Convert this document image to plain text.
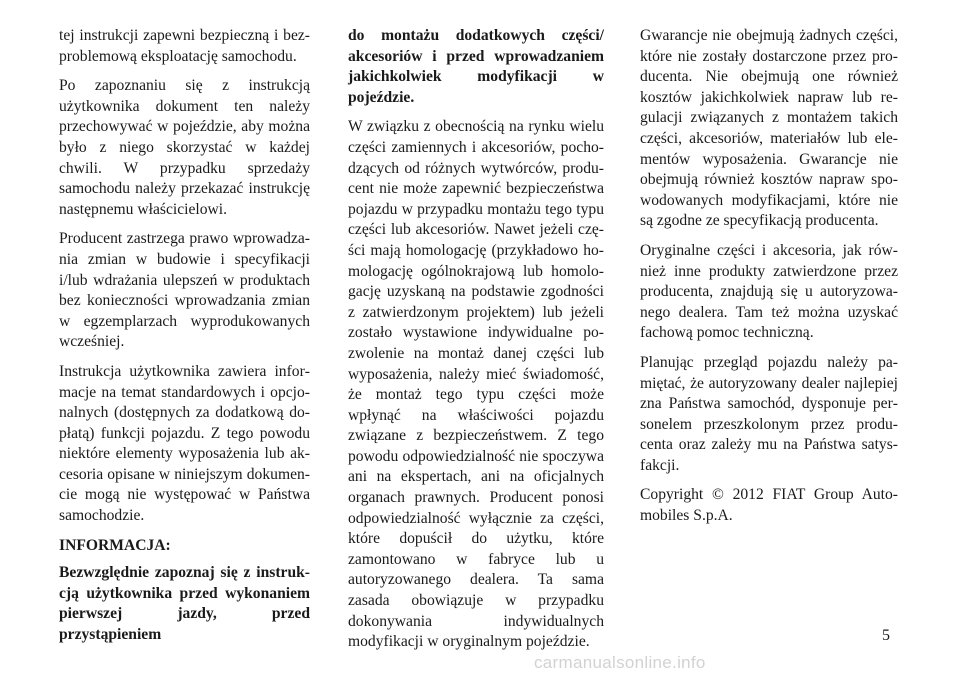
tej instrukcji zapewni bezpieczną i bezproblemową eksploatację samochodu.

Po zapoznaniu się z instrukcją użytkownika dokument ten należy przechowywać w pojeździe, aby można było z niego skorzystać w każdej chwili. W przypadku sprzedaży samochodu należy przekazać instrukcję następnemu właścicielowi.

Producent zastrzega prawo wprowadzania zmian w budowie i specyfikacji i/lub wdrażania ulepszeń w produktach bez konieczności wprowadzania zmian w egzemplarzach wyprodukowanych wcześniej.

Instrukcja użytkownika zawiera informacje na temat standardowych i opcjonalnych (dostępnych za dodatkową dopłatą) funkcji pojazdu. Z tego powodu niektóre elementy wyposażenia lub akcesoria opisane w niniejszym dokumencie mogą nie występować w Państwa samochodzie.

INFORMACJA:

Bezwzględnie zapoznaj się z instrukcją użytkownika przed wykonaniem pierwszej jazdy, przed przystąpieniem

do montażu dodatkowych części/ akcesoriów i przed wprowadzaniem jakichkolwiek modyfikacji w pojeździe.

W związku z obecnością na rynku wielu części zamiennych i akcesoriów, pochodzących od różnych wytwórców, producent nie może zapewnić bezpieczeństwa pojazdu w przypadku montażu tego typu części lub akcesoriów. Nawet jeżeli części mają homologację (przykładowo homologację ogólnokrajową lub homologację uzyskaną na podstawie zgodności z zatwierdzonym projektem) lub jeżeli zostało wystawione indywidualne pozwolenie na montaż danej części lub wyposażenia, należy mieć świadomość, że montaż tego typu części może wpłynąć na właściwości pojazdu związane z bezpieczeństwem. Z tego powodu odpowiedzialność nie spoczywa ani na ekspertach, ani na oficjalnych organach prawnych. Producent ponosi odpowiedzialność wyłącznie za części, które dopuścił do użytku, które zamontowano w fabryce lub u autoryzowanego dealera. Ta sama zasada obowiązuje w przypadku dokonywania indywidualnych modyfikacji w oryginalnym pojeździe.

Gwarancje nie obejmują żadnych części, które nie zostały dostarczone przez producenta. Nie obejmują one również kosztów jakichkolwiek napraw lub regulacji związanych z montażem takich części, akcesoriów, materiałów lub elementów wyposażenia. Gwarancje nie obejmują również kosztów napraw spowodowanych modyfikacjami, które nie są zgodne ze specyfikacją producenta.

Oryginalne części i akcesoria, jak również inne produkty zatwierdzone przez producenta, znajdują się u autoryzowanego dealera. Tam też można uzyskać fachową pomoc techniczną.

Planując przegląd pojazdu należy pamiętać, że autoryzowany dealer najlepiej zna Państwa samochód, dysponuje personelem przeszkolonym przez producenta oraz zależy mu na Państwa satysfakcji.

Copyright © 2012 FIAT Group Automobiles S.p.A.

5
carmanualsonline.info
